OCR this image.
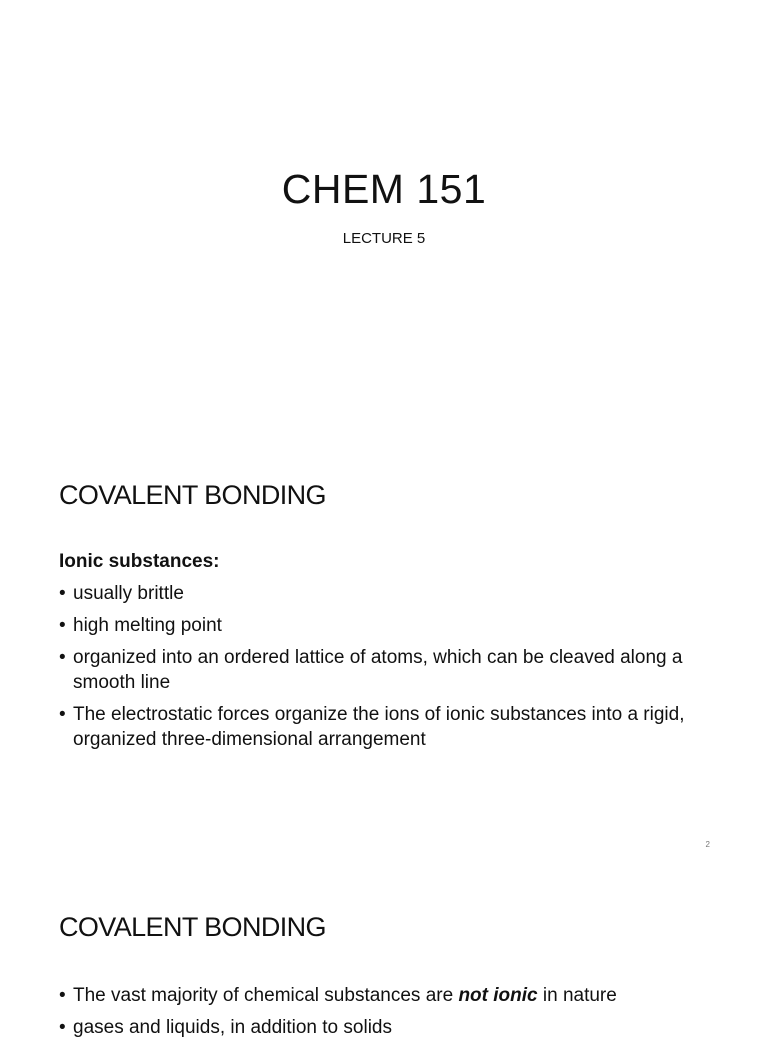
CHEM 151
LECTURE 5
COVALENT BONDING

Ionic substances:

• usually brittle
• high melting point
• organized into an ordered lattice of atoms, which can be cleaved along a smooth line
• The electrostatic forces organize the ions of ionic substances into a rigid, organized three-dimensional arrangement
2
COVALENT BONDING
• The vast majority of chemical substances are not ionic in nature
• gases and liquids, in addition to solids
